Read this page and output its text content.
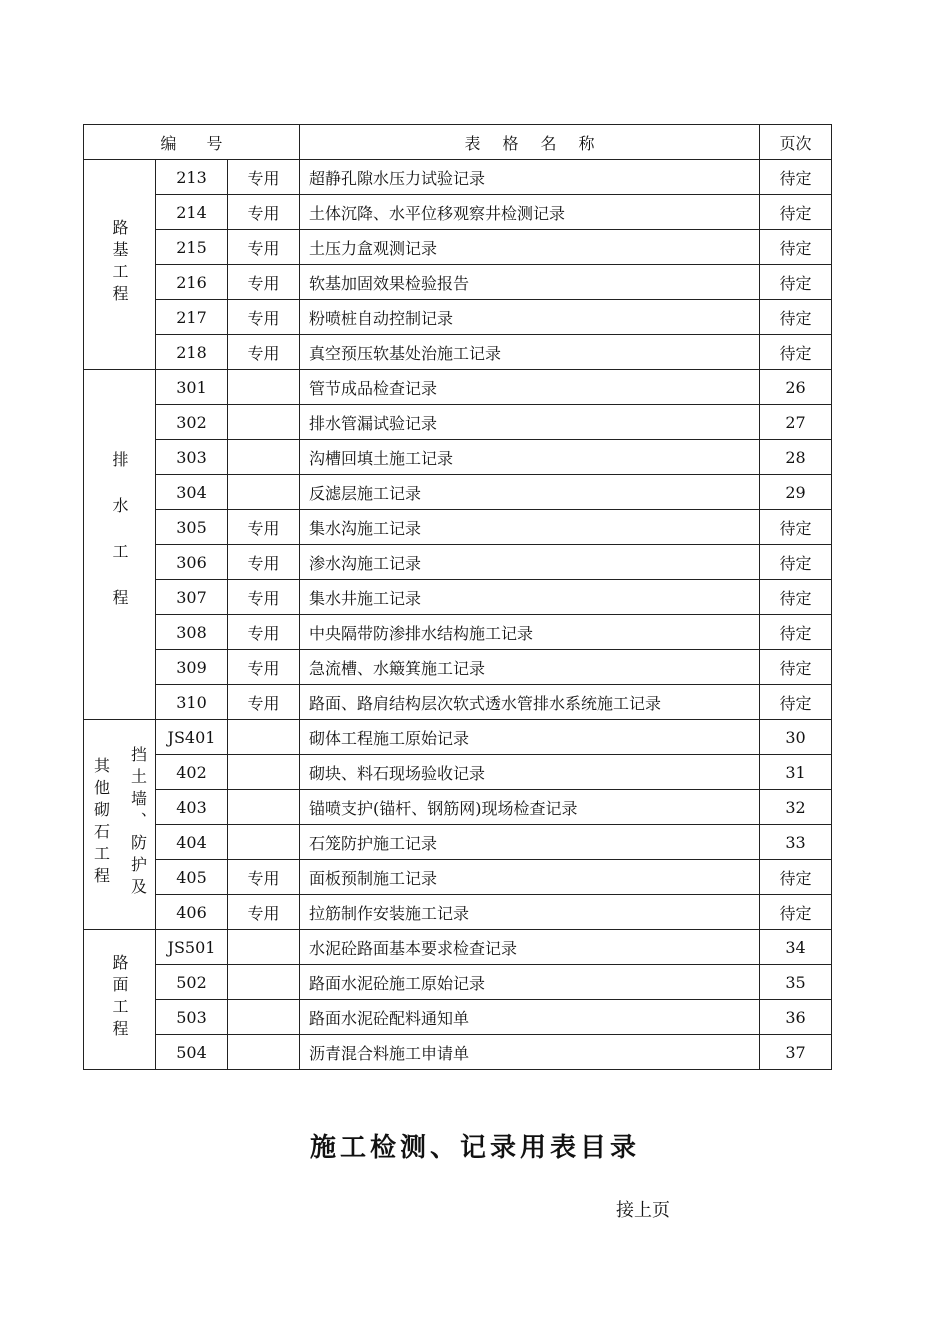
编号			表格名称	页次
路基工程	213	专用	超静孔隙水压力试验记录	待定
	214	专用	土体沉降、水平位移观察井检测记录	待定
	215	专用	土压力盒观测记录	待定
	216	专用	软基加固效果检验报告	待定
	217	专用	粉喷桩自动控制记录	待定
	218	专用	真空预压软基处治施工记录	待定
排水工程	301		管节成品检查记录	26
	302		排水管漏试验记录	27
	303		沟槽回填土施工记录	28
	304		反滤层施工记录	29
	305	专用	集水沟施工记录	待定
	306	专用	渗水沟施工记录	待定
	307	专用	集水井施工记录	待定
	308	专用	中央隔带防渗排水结构施工记录	待定
	309	专用	急流槽、水簸箕施工记录	待定
	310	专用	路面、路肩结构层次软式透水管排水系统施工记录	待定

其他砌石工程 挡土墙、防护及	JS401		砌体工程施工原始记录	30
	402		砌块、料石现场验收记录	31
	403		锚喷支护(锚杆、钢筋网)现场检查记录	32
	404		石笼防护施工记录	33
	405	专用	面板预制施工记录	待定
	406	专用	拉筋制作安装施工记录	待定
路面工程	JS501		水泥砼路面基本要求检查记录	34
	502		路面水泥砼施工原始记录	35
	503		路面水泥砼配料通知单	36
	504		沥青混合料施工申请单	37
施工检测、记录用表目录
接上页
